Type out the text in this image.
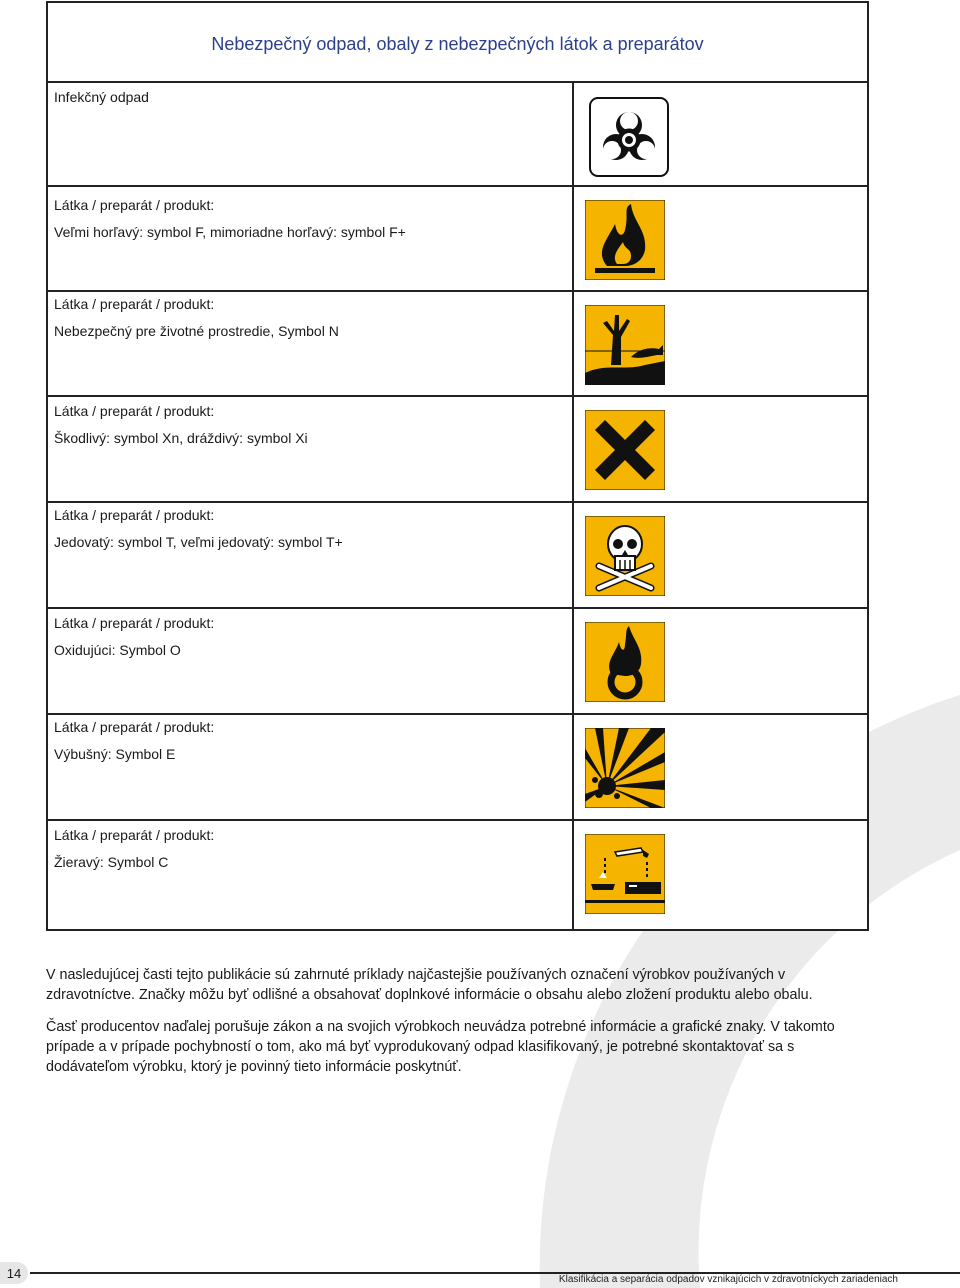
Nebezpečný odpad, obaly z nebezpečných látok a preparátov
Infekčný odpad
Látka / preparát / produkt:
Veľmi horľavý: symbol F, mimoriadne horľavý: symbol F+
Látka / preparát / produkt:
Nebezpečný pre životné prostredie, Symbol N
Látka / preparát / produkt:
Škodlivý: symbol Xn, dráždivý: symbol Xi
Látka / preparát / produkt:
Jedovatý: symbol T, veľmi jedovatý: symbol T+
Látka / preparát / produkt:
Oxidujúci: Symbol O
Látka / preparát / produkt:
Výbušný: Symbol E
Látka / preparát / produkt:
Žieravý: Symbol C

V nasledujúcej časti tejto publikácie sú zahrnuté príklady najčastejšie používaných označení výrobkov používaných v zdravotníctve. Značky môžu byť odlišné a obsahovať doplnkové informácie o obsahu alebo zložení produktu alebo obalu.

Časť producentov naďalej porušuje zákon a na svojich výrobkoch neuvádza potrebné informácie a grafické znaky. V takomto prípade a v prípade pochybností o tom, ako má byť vyprodukovaný odpad klasifikovaný, je potrebné skontaktovať sa s dodávateľom výrobku, ktorý je povinný tieto informácie poskytnúť.

14	Klasifikácia a separácia odpadov vznikajúcich v zdravotníckych zariadeniach
